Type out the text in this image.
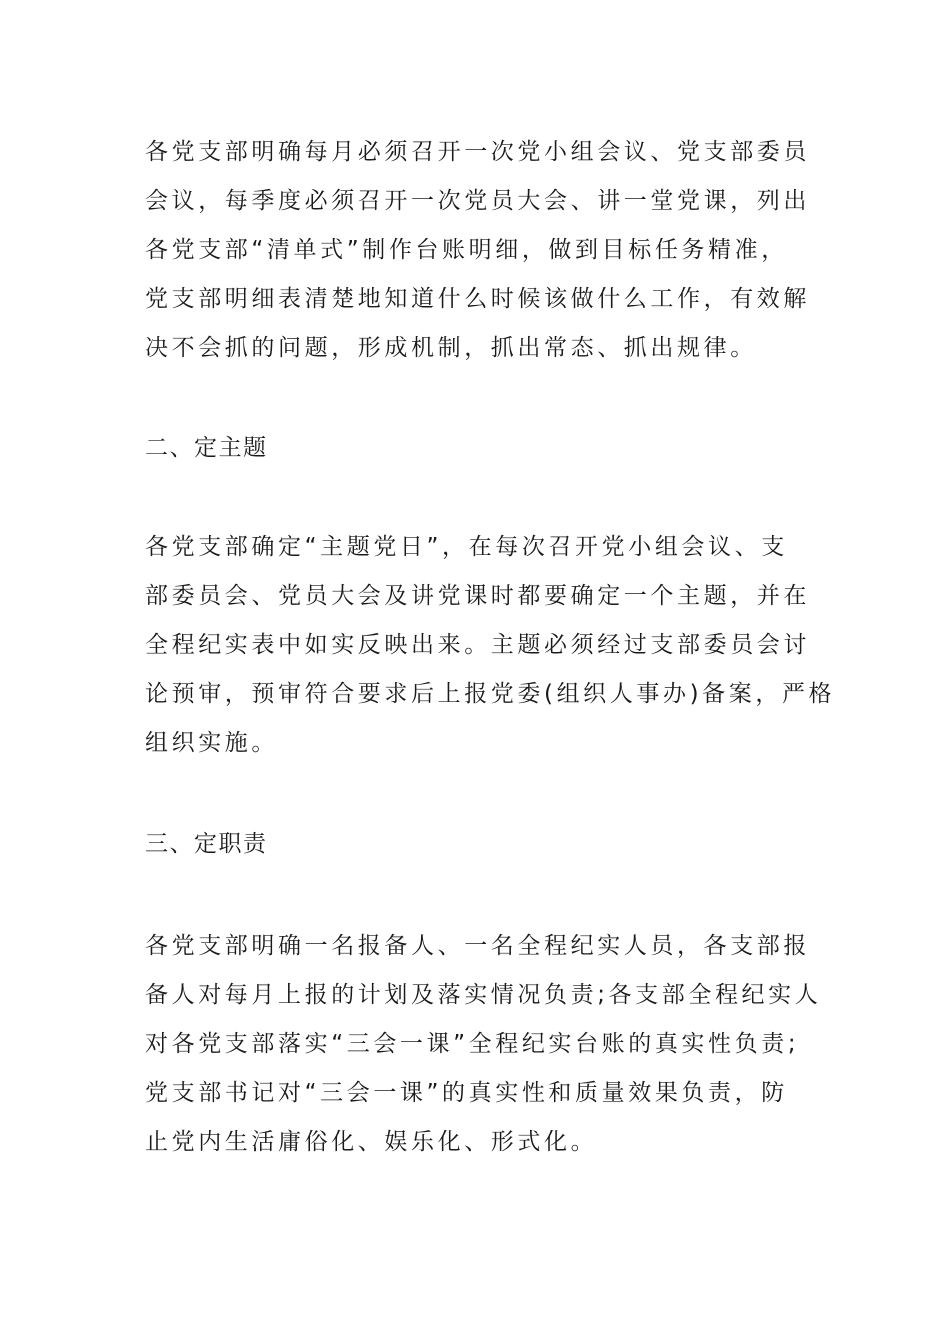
各党支部明确每月必须召开一次党小组会议、党支部委员
会议，每季度必须召开一次党员大会、讲一堂党课，列出
各党支部“清单式”制作台账明细，做到目标任务精准，
党支部明细表清楚地知道什么时候该做什么工作，有效解
决不会抓的问题，形成机制，抓出常态、抓出规律。
二、定主题
各党支部确定“主题党日”，在每次召开党小组会议、支
部委员会、党员大会及讲党课时都要确定一个主题，并在
全程纪实表中如实反映出来。主题必须经过支部委员会讨
论预审，预审符合要求后上报党委(组织人事办)备案，严格
组织实施。
三、定职责
各党支部明确一名报备人、一名全程纪实人员，各支部报
备人对每月上报的计划及落实情况负责;各支部全程纪实人
对各党支部落实“三会一课”全程纪实台账的真实性负责;
党支部书记对“三会一课”的真实性和质量效果负责，防
止党内生活庸俗化、娱乐化、形式化。
